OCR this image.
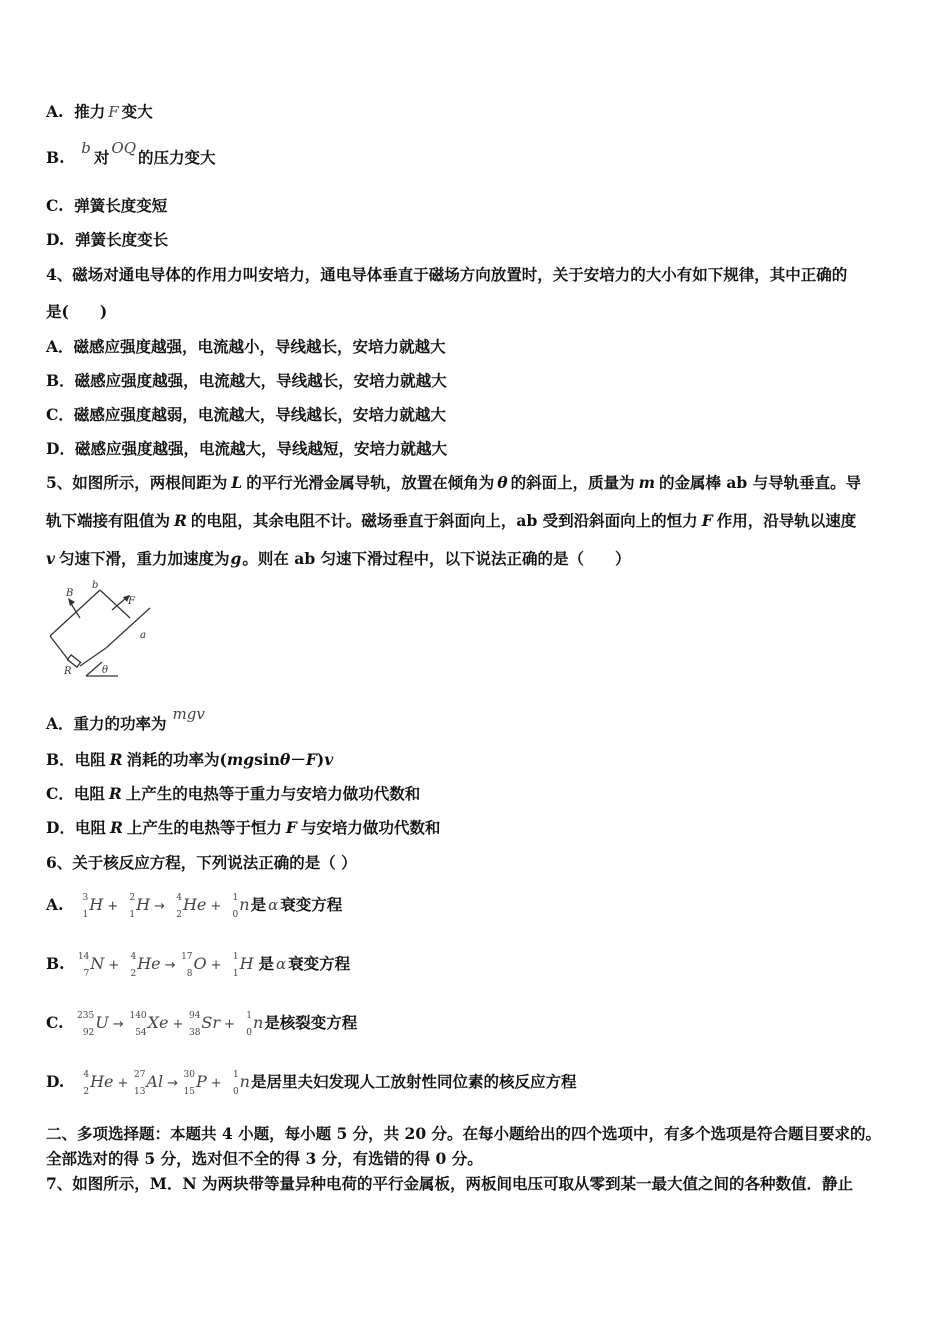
A. 推力 F 变大
B. b 对 OQ 的压力变大
C. 弹簧长度变短
D. 弹簧长度变长
4、磁场对通电导体的作用力叫安培力，通电导体垂直于磁场方向放置时，关于安培力的大小有如下规律，其中正确的
是(　　)
A．磁感应强度越强，电流越小，导线越长，安培力就越大
B．磁感应强度越强，电流越大，导线越长，安培力就越大
C．磁感应强度越弱，电流越大，导线越长，安培力就越大
D．磁感应强度越强，电流越大，导线越短，安培力就越大
5、如图所示，两根间距为 L 的平行光滑金属导轨，放置在倾角为 θ 的斜面上，质量为 m 的金属棒 ab 与导轨垂直。导
轨下端接有阻值为 R 的电阻，其余电阻不计。磁场垂直于斜面向上，ab 受到沿斜面向上的恒力 F 作用，沿导轨以速度
v 匀速下滑，重力加速度为g。则在 ab 匀速下滑过程中，以下说法正确的是（　　）
B
b
F
a
R	θ
A．重力的功率为 mgv
B．电阻 R 消耗的功率为(mgsinθ－F)v
C．电阻 R 上产生的电热等于重力与安培力做功代数和
D．电阻 R 上产生的电热等于恒力 F 与安培力做功代数和
6、关于核反应方程，下列说法正确的是（ ）
A. 3
1
H +
2
1
H →
4
2
He +
1
0
n是 α 衰变方程
B. 14
7
N +
4
2
He →
17
8
O +
1
1
H 是 α 衰变方程
C. 235
92
U →
140
54
Xe +
94
38
Sr +
1
0
n是核裂变方程
D. 4
2
He +
27
13
Al →
30
15
P +
1
0
n是居里夫妇发现人工放射性同位素的核反应方程
二、多项选择题：本题共 4 小题，每小题 5 分，共 20 分。在每小题给出的四个选项中，有多个选项是符合题目要求的。
全部选对的得 5 分，选对但不全的得 3 分，有选错的得 0 分。
7、如图所示，M．N 为两块带等量异种电荷的平行金属板，两板间电压可取从零到某一最大值之间的各种数值．静止
